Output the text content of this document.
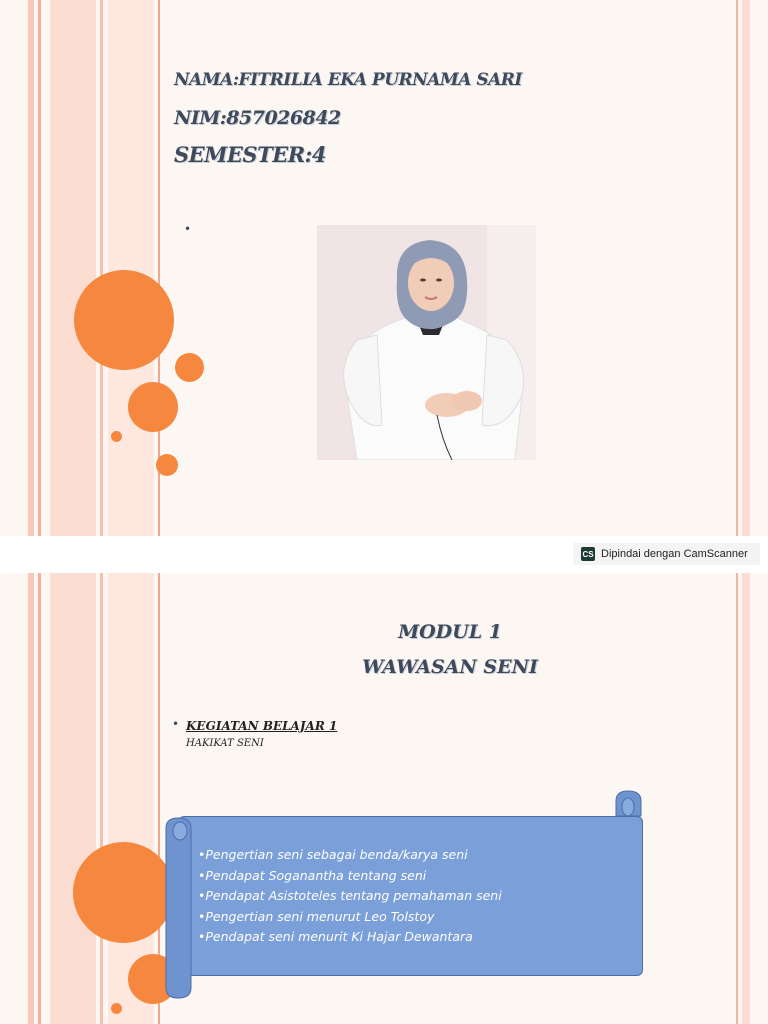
NAMA:FITRILIA EKA PURNAMA SARI
NIM:857026842
SEMESTER:4
•
CS Dipindai dengan CamScanner
MODUL 1
WAWASAN SENI
• KEGIATAN BELAJAR 1
HAKIKAT SENI
•Pengertian seni sebagai benda/karya seni
•Pendapat Soganantha tentang seni
•Pendapat Asistoteles tentang pemahaman seni
•Pengertian seni menurut Leo Tolstoy
•Pendapat seni menurit Ki Hajar Dewantara
